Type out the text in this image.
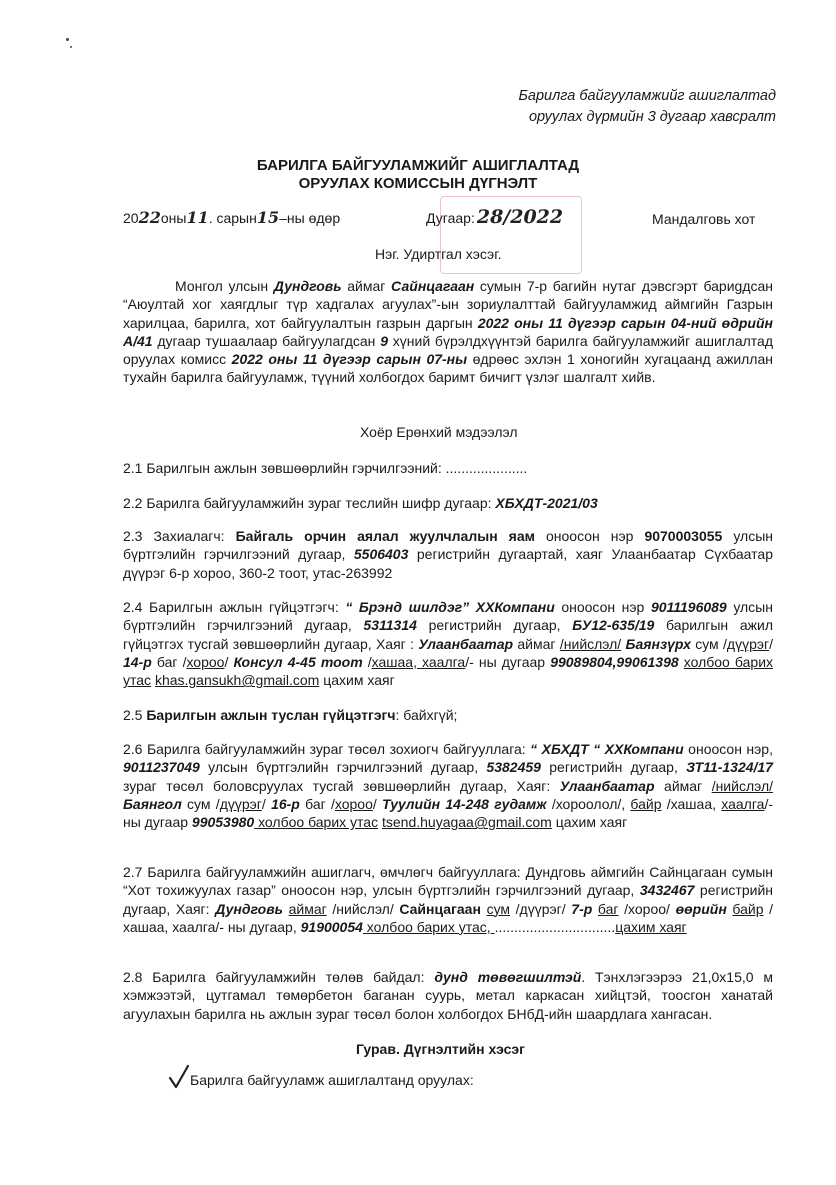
Барилга байгууламжийг ашиглалтад
оруулах дүрмийн 3 дугаар хавсралт
БАРИЛГА БАЙГУУЛАМЖИЙГ АШИГЛАЛТАД
ОРУУЛАХ КОМИССЫН ДҮГНЭЛТ
2022оны11. сарын15–ны өдөр	Дугаар: 28/2022	Мандалговь хот
Нэг. Удиртгал хэсэг.
Монгол улсын Дундговь аймаг Сайнцагаан сумын 7-р багийн нутаг дэвсгэрт бариgдсан “Аюултай хог хаягдлыг түр хадгалах агуулах”-ын зориулалттай байгууламжид аймгийн Газрын харилцаа, барилга, хот байгуулалтын газрын даргын 2022 оны 11 дүгээр сарын 04-ний өдрийн А/41 дугаар тушаалаар байгуулагдсан 9 хүний бүрэлдхүүнтэй барилга байгууламжийг ашиглалтад оруулах комисс 2022 оны 11 дүгээр сарын 07-ны өдрөөс эхлэн 1 хоногийн хугацаанд ажиллан тухайн барилга байгууламж, түүний холбогдох баримт бичигт үзлэг шалгалт хийв.
Хоёр Ерөнхий мэдээлэл
2.1 Барилгын ажлын зөвшөөрлийн гэрчилгээний: .....................
2.2 Барилга байгууламжийн зураг теслийн шифр дугаар: ХБХДТ-2021/03
2.3 Захиалагч: Байгаль орчин аялал жуулчлалын яам оноосон нэр 9070003055 улсын бүртгэлийн гэрчилгээний дугаар, 5506403 регистрийн дугаартай, хаяг Улаанбаатар Сүхбаатар дүүрэг 6-р хороо, 360-2 тоот, утас-263992
2.4 Барилгын ажлын гүйцэтгэгч: “ Брэнд шилдэг” ХХКомпани оноосон нэр 9011196089 улсын бүртгэлийн гэрчилгээний дугаар, 5311314 регистрийн дугаар, БУ12-635/19 барилгын ажил гүйцэтгэх тусгай зөвшөөрлийн дугаар, Хаяг : Улаанбаатар аймаг /нийслэл/ Баянзүрх сум /дүүрэг/ 14-р баг /хороо/ Консул 4-45 тоот /хашаа, хаалга/- ны дугаар 99089804,99061398 холбоо барих утас khas.gansukh@gmail.com цахим хаяг
2.5 Барилгын ажлын туслан гүйцэтгэгч: байхгүй;
2.6 Барилга байгууламжийн зураг төсөл зохиогч байгууллага: “ ХБХДТ “ ХХКомпани оноосон нэр, 9011237049 улсын бүртгэлийн гэрчилгээний дугаар, 5382459 регистрийн дугаар, ЗТ11-1324/17 зураг төсөл боловсруулах тусгай зөвшөөрлийн дугаар, Хаяг: Улаанбаатар аймаг /нийслэл/ Баянгол сум /дүүрэг/ 16-р баг /хороо/ Туулийн 14-248 гудамж /хороолол/, байр /хашаа, хаалга/- ны дугаар 99053980 холбоо барих утас tsend.huyagaa@gmail.com цахим хаяг
2.7 Барилга байгууламжийн ашиглагч, өмчлөгч байгууллага: Дундговь аймгийн Сайнцагаан сумын “Хот тохижуулах газар” оноосон нэр, улсын бүртгэлийн гэрчилгээний дугаар, 3432467 регистрийн дугаар, Хаяг: Дундговь аймаг /нийслэл/ Сайнцагаан сум /дүүрэг/ 7-р баг /хороо/ өөрийн байр /хашаа, хаалга/- ны дугаар, 91900054 холбоо барих утас, ...............................цахим хаяг
2.8 Барилга байгууламжийн төлөв байдал: дунд төвөгшилтэй. Тэнхлэгээрээ 21,0х15,0 м хэмжээтэй, цутгамал төмөрбетон баганан суурь, метал каркасан хийцтэй, тоосгон ханатай агуулахын барилга нь ажлын зураг төсөл болон холбогдох БНбД-ийн шаардлага хангасан.
Гурав. Дүгнэлтийн хэсэг
Барилга байгууламж ашиглалтанд оруулах:
